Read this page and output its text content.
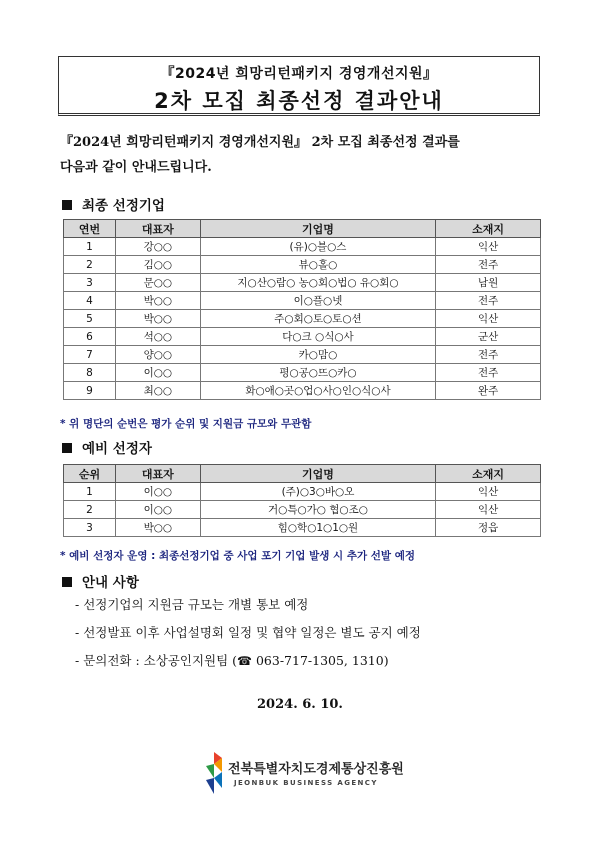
『2024년 희망리턴패키지 경영개선지원』
2차 모집 최종선정 결과안내
『2024년 희망리턴패키지 경영개선지원』 2차 모집 최종선정 결과를
다음과 같이 안내드립니다.
최종 선정기업
연번	대표자	기업명	소재지
1	강○○	(유)○블○스	익산
2	김○○	뷰○홀○	전주
3	문○○	지○산○람○ 농○회○법○ 유○회○	남원
4	박○○	이○플○넷	전주
5	박○○	주○회○토○토○션	익산
6	석○○	다○크 ○식○사	군산
7	양○○	카○맘○	전주
8	이○○	평○공○뜨○카○	전주
9	최○○	화○애○곳○업○사○인○식○사	완주
* 위 명단의 순번은 평가 순위 및 지원금 규모와 무관함
예비 선정자
순위	대표자	기업명	소재지
1	이○○	(주)○3○바○오	익산
2	이○○	거○특○가○ 협○조○	익산
3	박○○	힘○학○1○1○원	정읍
* 예비 선정자 운영 : 최종선정기업 중 사업 포기 기업 발생 시 추가 선발 예정
안내 사항
- 선정기업의 지원금 규모는 개별 통보 예정
- 선정발표 이후 사업설명회 일정 및 협약 일정은 별도 공지 예정
- 문의전화 : 소상공인지원팀 (☎ 063-717-1305, 1310)
2024. 6. 10.
전북특별자치도경제통상진흥원
JEONBUK BUSINESS AGENCY
